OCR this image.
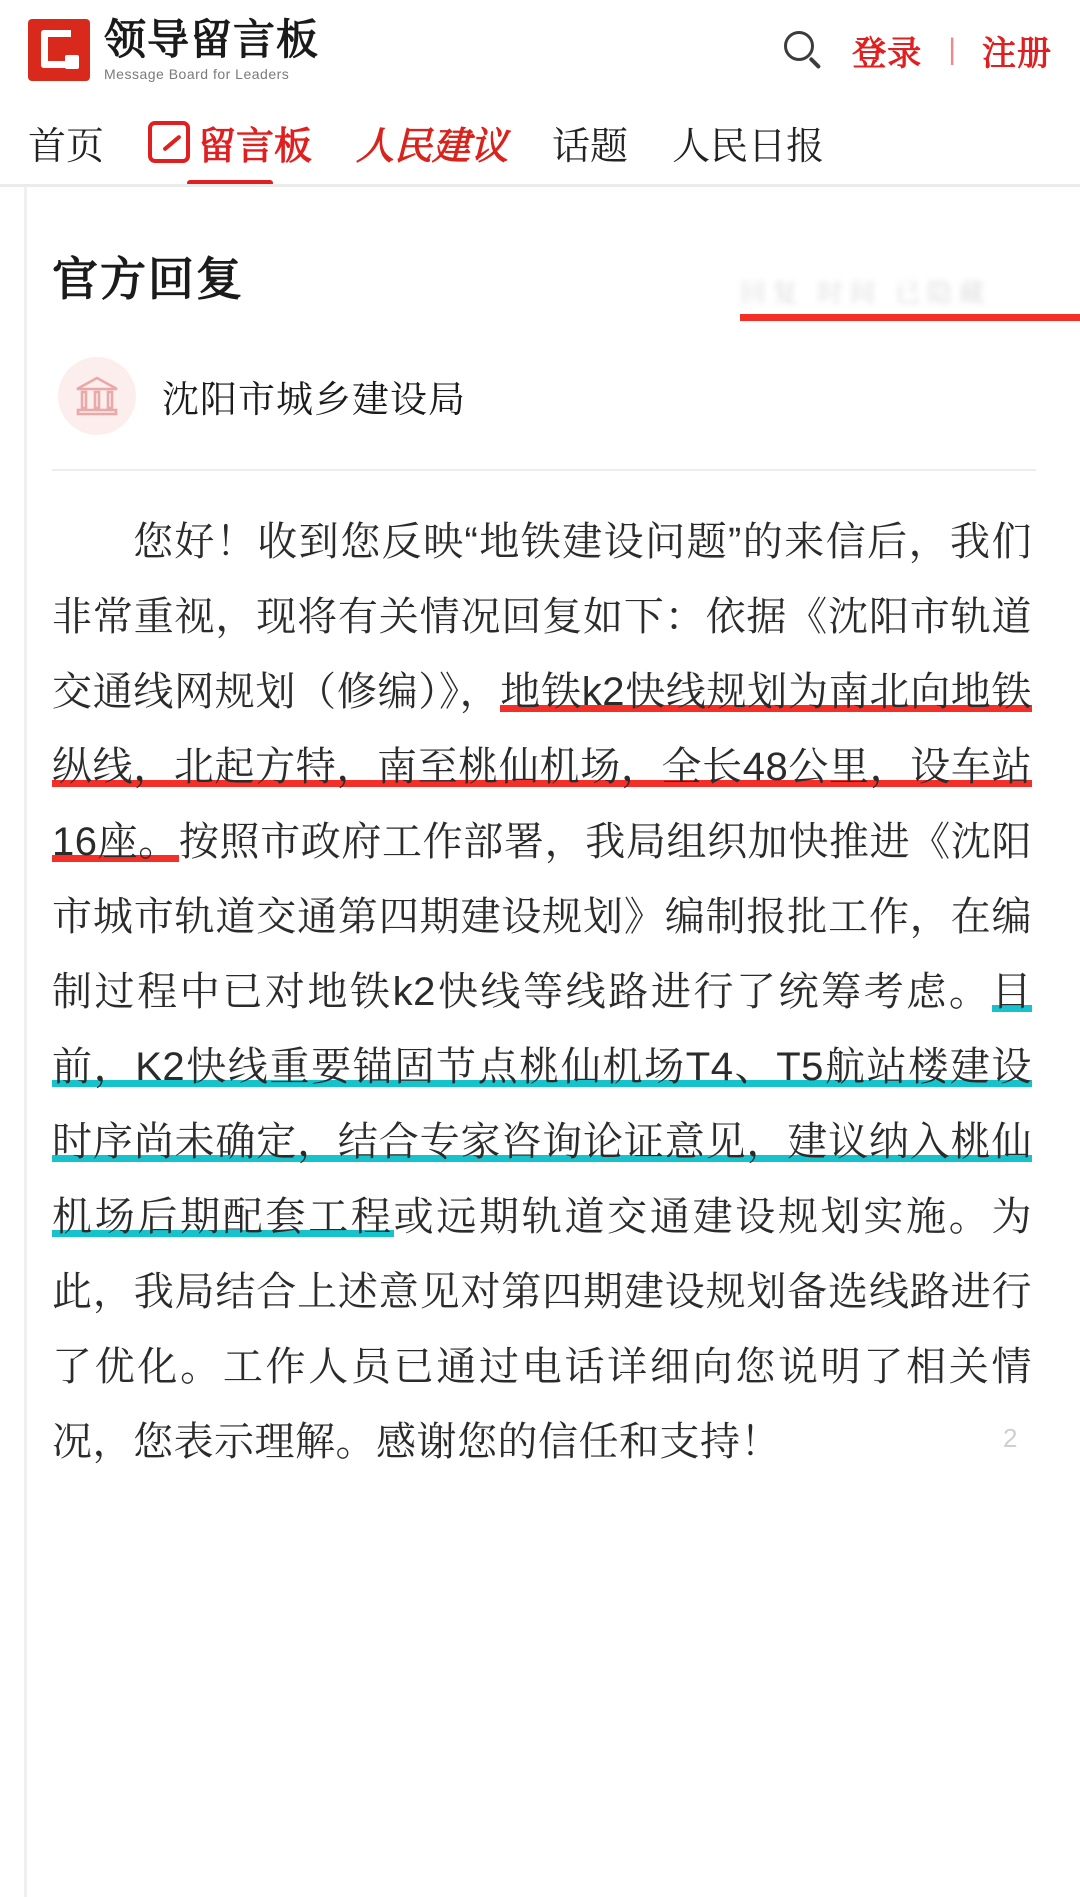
领导留言板
Message Board for Leaders
登录 | 注册
首页 留言板 人民建议 话题 人民日报
官方回复	回复 时间 已隐藏
沈阳市城乡建设局
您好！收到您反映“地铁建设问题”的来信后，我们非常重视，现将有关情况回复如下：依据《沈阳市轨道交通线网规划（修编）》，地铁k2快线规划为南北向地铁纵线，北起方特，南至桃仙机场，全长48公里，设车站16座。按照市政府工作部署，我局组织加快推进《沈阳市城市轨道交通第四期建设规划》编制报批工作，在编制过程中已对地铁k2快线等线路进行了统筹考虑。目前，K2快线重要锚固节点桃仙机场T4、T5航站楼建设时序尚未确定，结合专家咨询论证意见，建议纳入桃仙机场后期配套工程或远期轨道交通建设规划实施。为此，我局结合上述意见对第四期建设规划备选线路进行了优化。工作人员已通过电话详细向您说明了相关情况，您表示理解。感谢您的信任和支持！	2
